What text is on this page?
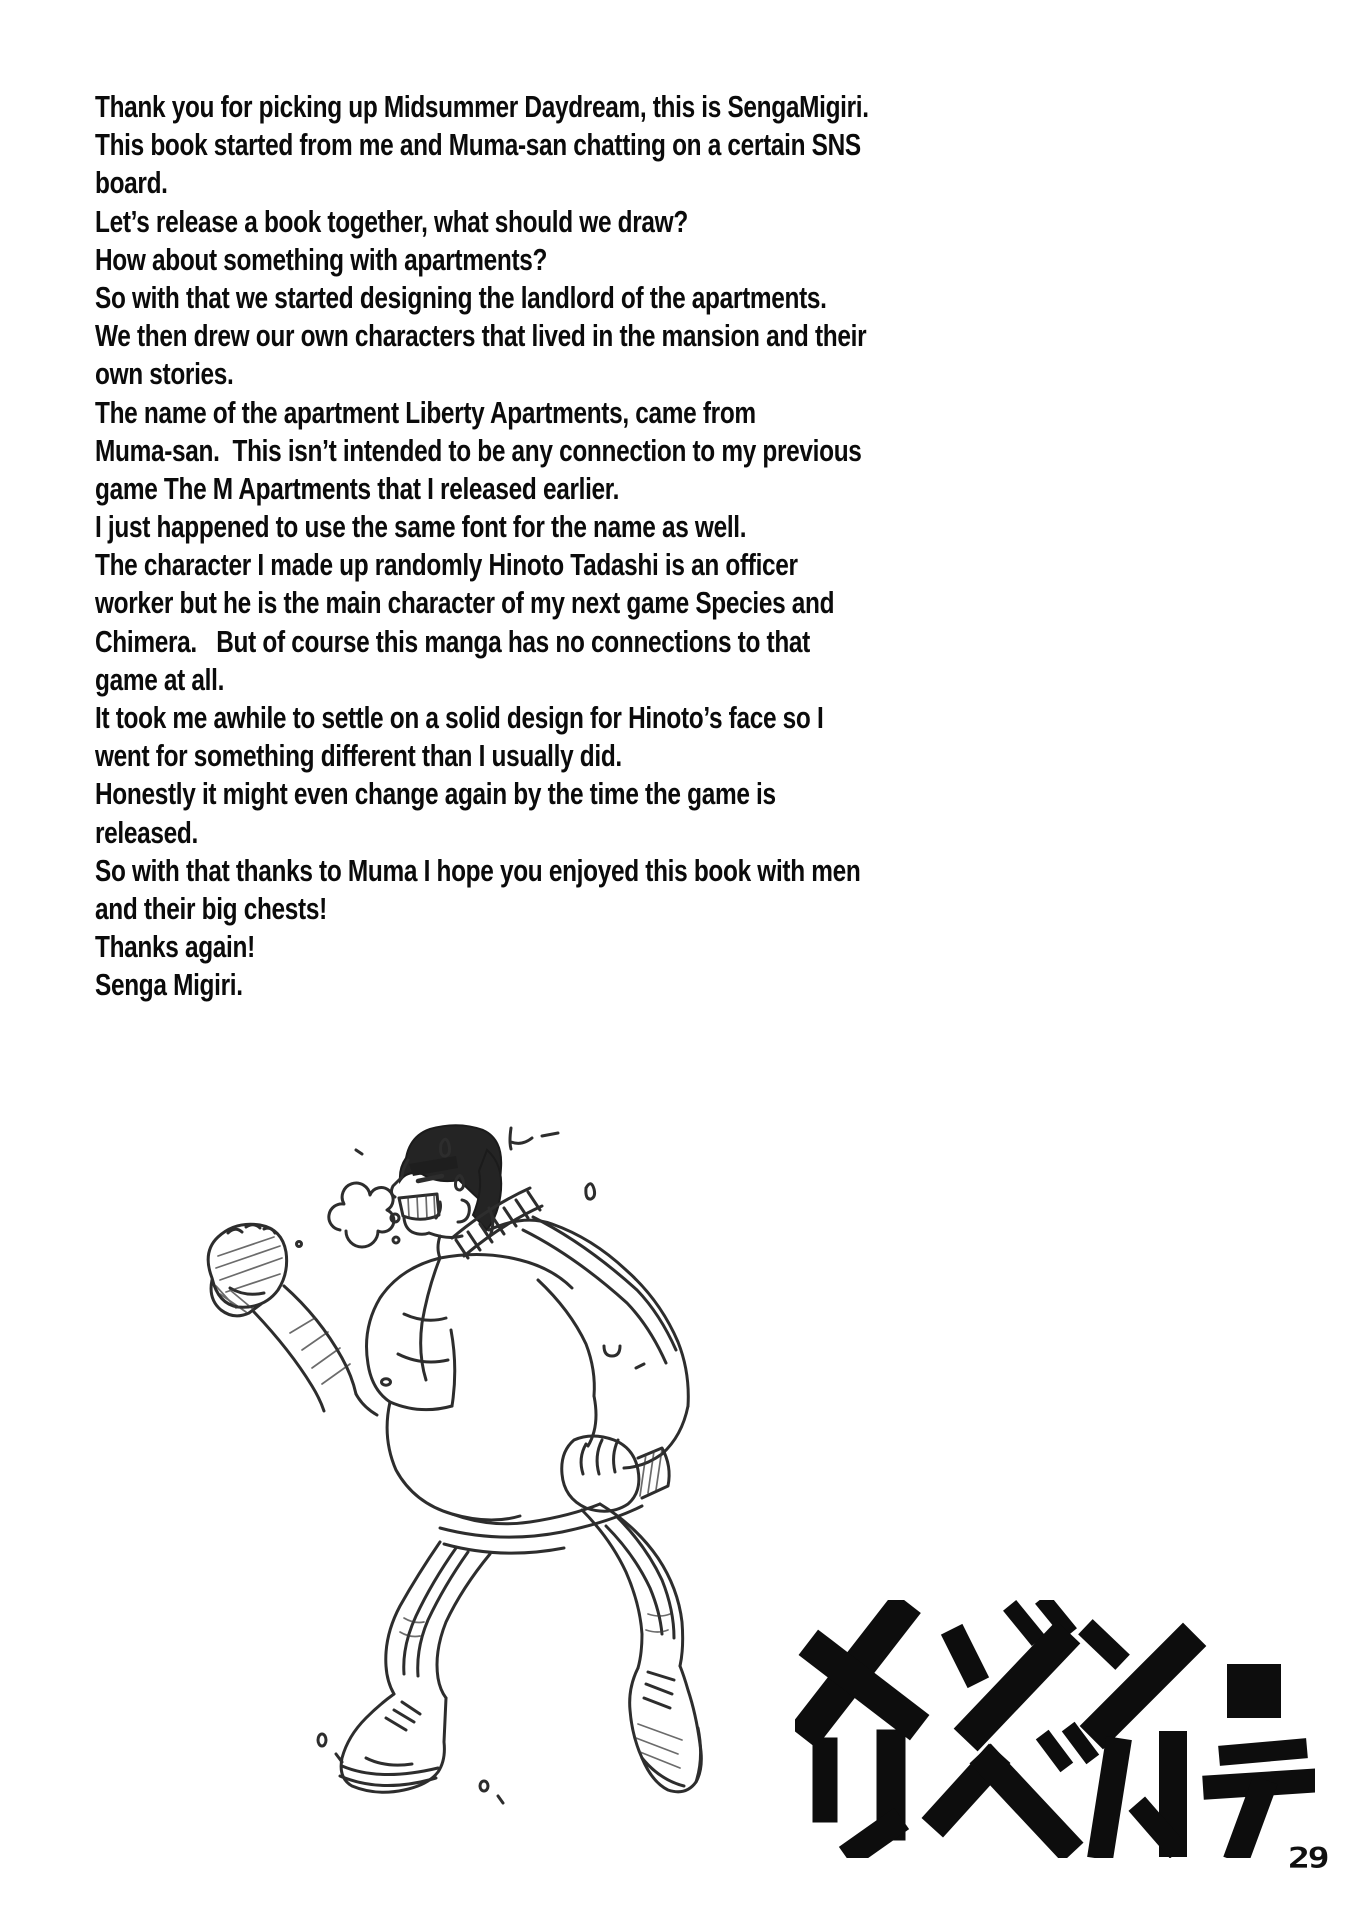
Thank you for picking up Midsummer Daydream, this is SengaMigiri.
This book started from me and Muma-san chatting on a certain SNS
board.
Let’s release a book together, what should we draw?
How about something with apartments?
So with that we started designing the landlord of the apartments.
We then drew our own characters that lived in the mansion and their
own stories.
The name of the apartment Liberty Apartments, came from
Muma-san.  This isn’t intended to be any connection to my previous
game The M Apartments that I released earlier.
I just happened to use the same font for the name as well.
The character I made up randomly Hinoto Tadashi is an officer
worker but he is the main character of my next game Species and
Chimera.   But of course this manga has no connections to that
game at all.
It took me awhile to settle on a solid design for Hinoto’s face so I
went for something different than I usually did.
Honestly it might even change again by the time the game is
released.
So with that thanks to Muma I hope you enjoyed this book with men
and their big chests!
Thanks again!
Senga Migiri.
29
